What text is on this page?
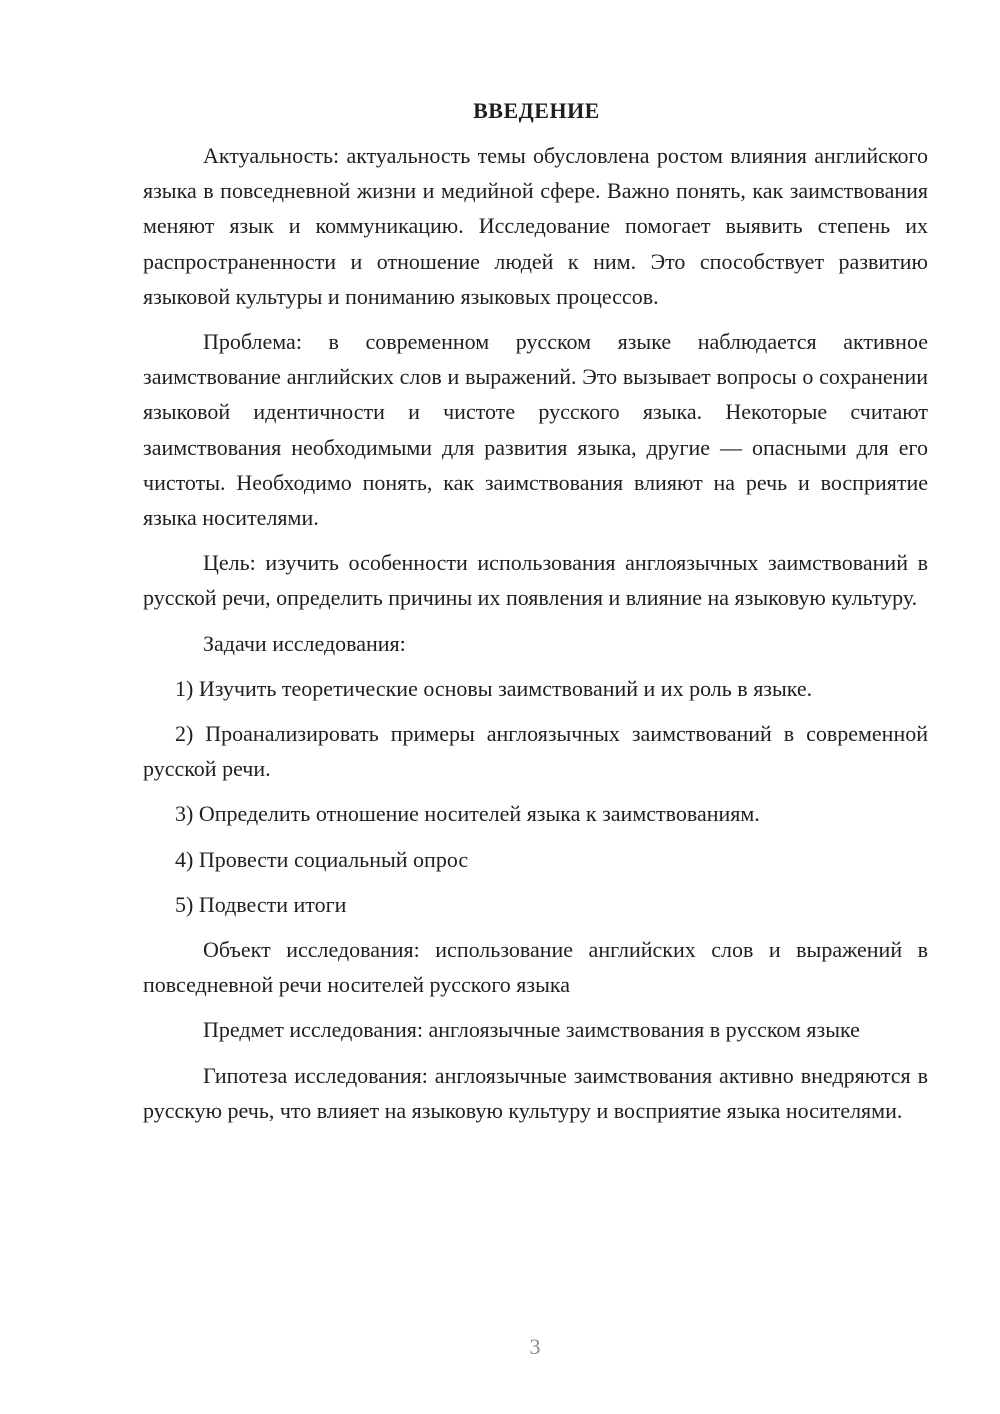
ВВЕДЕНИЕ

Актуальность: актуальность темы обусловлена ростом влияния английского языка в повседневной жизни и медийной сфере. Важно понять, как заимствования меняют язык и коммуникацию. Исследование помогает выявить степень их распространенности и отношение людей к ним. Это способствует развитию языковой культуры и пониманию языковых процессов.

Проблема: в современном русском языке наблюдается активное заимствование английских слов и выражений. Это вызывает вопросы о сохранении языковой идентичности и чистоте русского языка. Некоторые считают заимствования необходимыми для развития языка, другие — опасными для его чистоты. Необходимо понять, как заимствования влияют на речь и восприятие языка носителями.

Цель: изучить особенности использования англоязычных заимствований в русской речи, определить причины их появления и влияние на языковую культуру.

Задачи исследования:

1) Изучить теоретические основы заимствований и их роль в языке.

2) Проанализировать примеры англоязычных заимствований в современной русской речи.

3) Определить отношение носителей языка к заимствованиям.

4) Провести социальный опрос

5) Подвести итоги

Объект исследования: использование английских слов и выражений в повседневной речи носителей русского языка

Предмет исследования: англоязычные заимствования в русском языке

Гипотеза исследования: англоязычные заимствования активно внедряются в русскую речь, что влияет на языковую культуру и восприятие языка носителями.

3
